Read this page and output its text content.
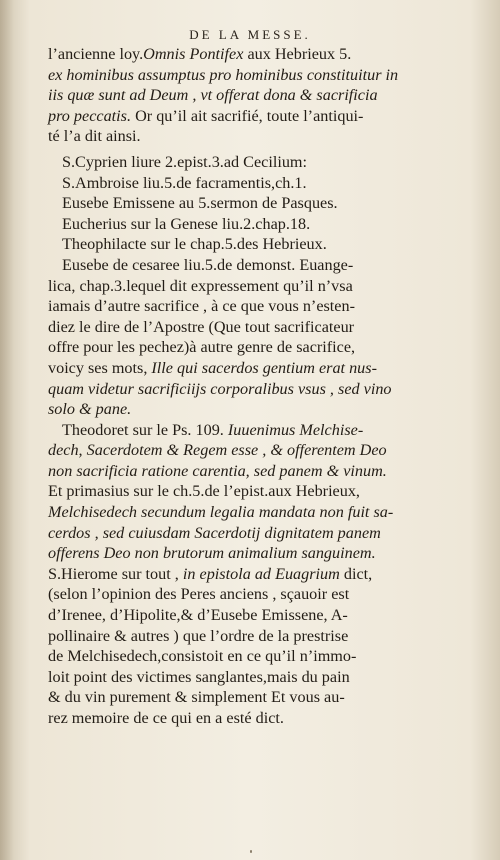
DE LA MESSE.
l’ancienne loy.Omnis Pontifex aux Hebrieux 5.
ex hominibus assumptus pro hominibus constituitur in
iis quæ sunt ad Deum , vt offerat dona & sacrificia
pro peccatis. Or qu’il ait sacrifié, toute l’antiqui-
té l’a dit ainsi.
S.Cyprien liure 2.epist.3.ad Cecilium:
S.Ambroise liu.5.de facramentis,ch.1.
Eusebe Emissene au 5.sermon de Pasques.
Eucherius sur la Genese liu.2.chap.18.
Theophilacte sur le chap.5.des Hebrieux.
Eusebe de cesaree liu.5.de demonst. Euange-
lica, chap.3.lequel dit expressement qu’il n’vsa
iamais d’autre sacrifice , à ce que vous n’esten-
diez le dire de l’Apostre (Que tout sacrificateur
offre pour les pechez)à autre genre de sacrifice,
voicy ses mots, Ille qui sacerdos gentium erat nus-
quam videtur sacrificiijs corporalibus vsus , sed vino
solo & pane.
Theodoret sur le Ps. 109. Iuuenimus Melchise-
dech, Sacerdotem & Regem esse , & offerentem Deo
non sacrificia ratione carentia, sed panem & vinum.
Et primasius sur le ch.5.de l’epist.aux Hebrieux,
Melchisedech secundum legalia mandata non fuit sa-
cerdos , sed cuiusdam Sacerdotij dignitatem panem
offerens Deo non brutorum animalium sanguinem.
S.Hierome sur tout , in epistola ad Euagrium dict,
(selon l’opinion des Peres anciens , sçauoir est
d’Irenee, d’Hipolite,& d’Eusebe Emissene, A-
pollinaire & autres ) que l’ordre de la prestrise
de Melchisedech,consistoit en ce qu’il n’immo-
loit point des victimes sanglantes,mais du pain
& du vin purement & simplement Et vous au-
rez memoire de ce qui en a esté dict.
